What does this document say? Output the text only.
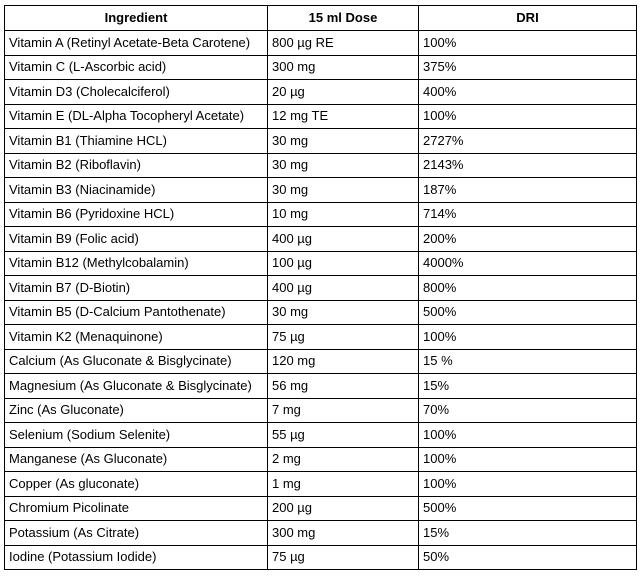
Ingredient	15 ml Dose	DRI
Vitamin A (Retinyl Acetate-Beta Carotene)	800 µg RE	100%
Vitamin C (L-Ascorbic acid)	300 mg	375%
Vitamin D3 (Cholecalciferol)	20 µg	400%
Vitamin E (DL-Alpha Tocopheryl Acetate)	12 mg TE	100%
Vitamin B1 (Thiamine HCL)	30 mg	2727%
Vitamin B2 (Riboflavin)	30 mg	2143%
Vitamin B3 (Niacinamide)	30 mg	187%
Vitamin B6 (Pyridoxine HCL)	10 mg	714%
Vitamin B9 (Folic acid)	400 µg	200%
Vitamin B12 (Methylcobalamin)	100 µg	4000%
Vitamin B7 (D-Biotin)	400 µg	800%
Vitamin B5 (D-Calcium Pantothenate)	30 mg	500%
Vitamin K2 (Menaquinone)	75 µg	100%
Calcium (As Gluconate & Bisglycinate)	120 mg	15 %
Magnesium (As Gluconate & Bisglycinate)	56 mg	15%
Zinc (As Gluconate)	7 mg	70%
Selenium (Sodium Selenite)	55 µg	100%
Manganese (As Gluconate)	2 mg	100%
Copper (As gluconate)	1 mg	100%
Chromium Picolinate	200 µg	500%
Potassium (As Citrate)	300 mg	15%
Iodine (Potassium Iodide)	75 µg	50%
